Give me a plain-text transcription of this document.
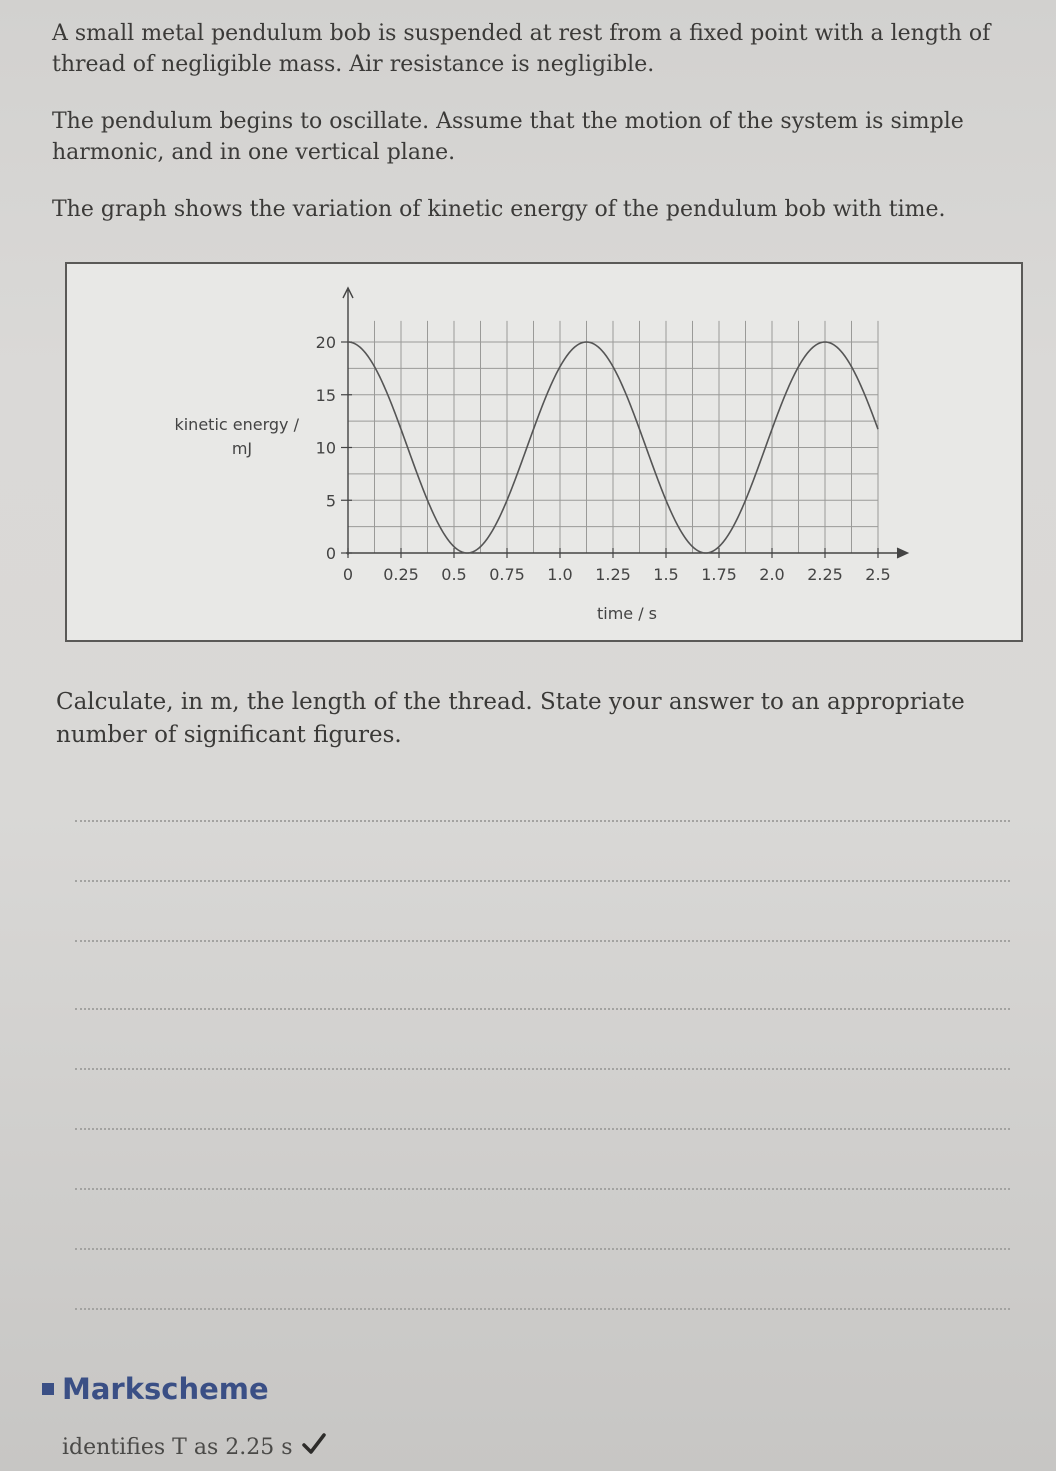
A small metal pendulum bob is suspended at rest from a fixed point with a length of thread of negligible mass. Air resistance is negligible.

The pendulum begins to oscillate. Assume that the motion of the system is simple harmonic, and in one vertical plane.

The graph shows the variation of kinetic energy of the pendulum bob with time.

0
5
10
15
20
0 0.25 0.5 0.75 1.0 1.25 1.5 1.75 2.0 2.25 2.5
kinetic energy /
mJ
time / s

Calculate, in m, the length of the thread. State your answer to an appropriate number of significant figures.

Markscheme
identifies T as 2.25 s
